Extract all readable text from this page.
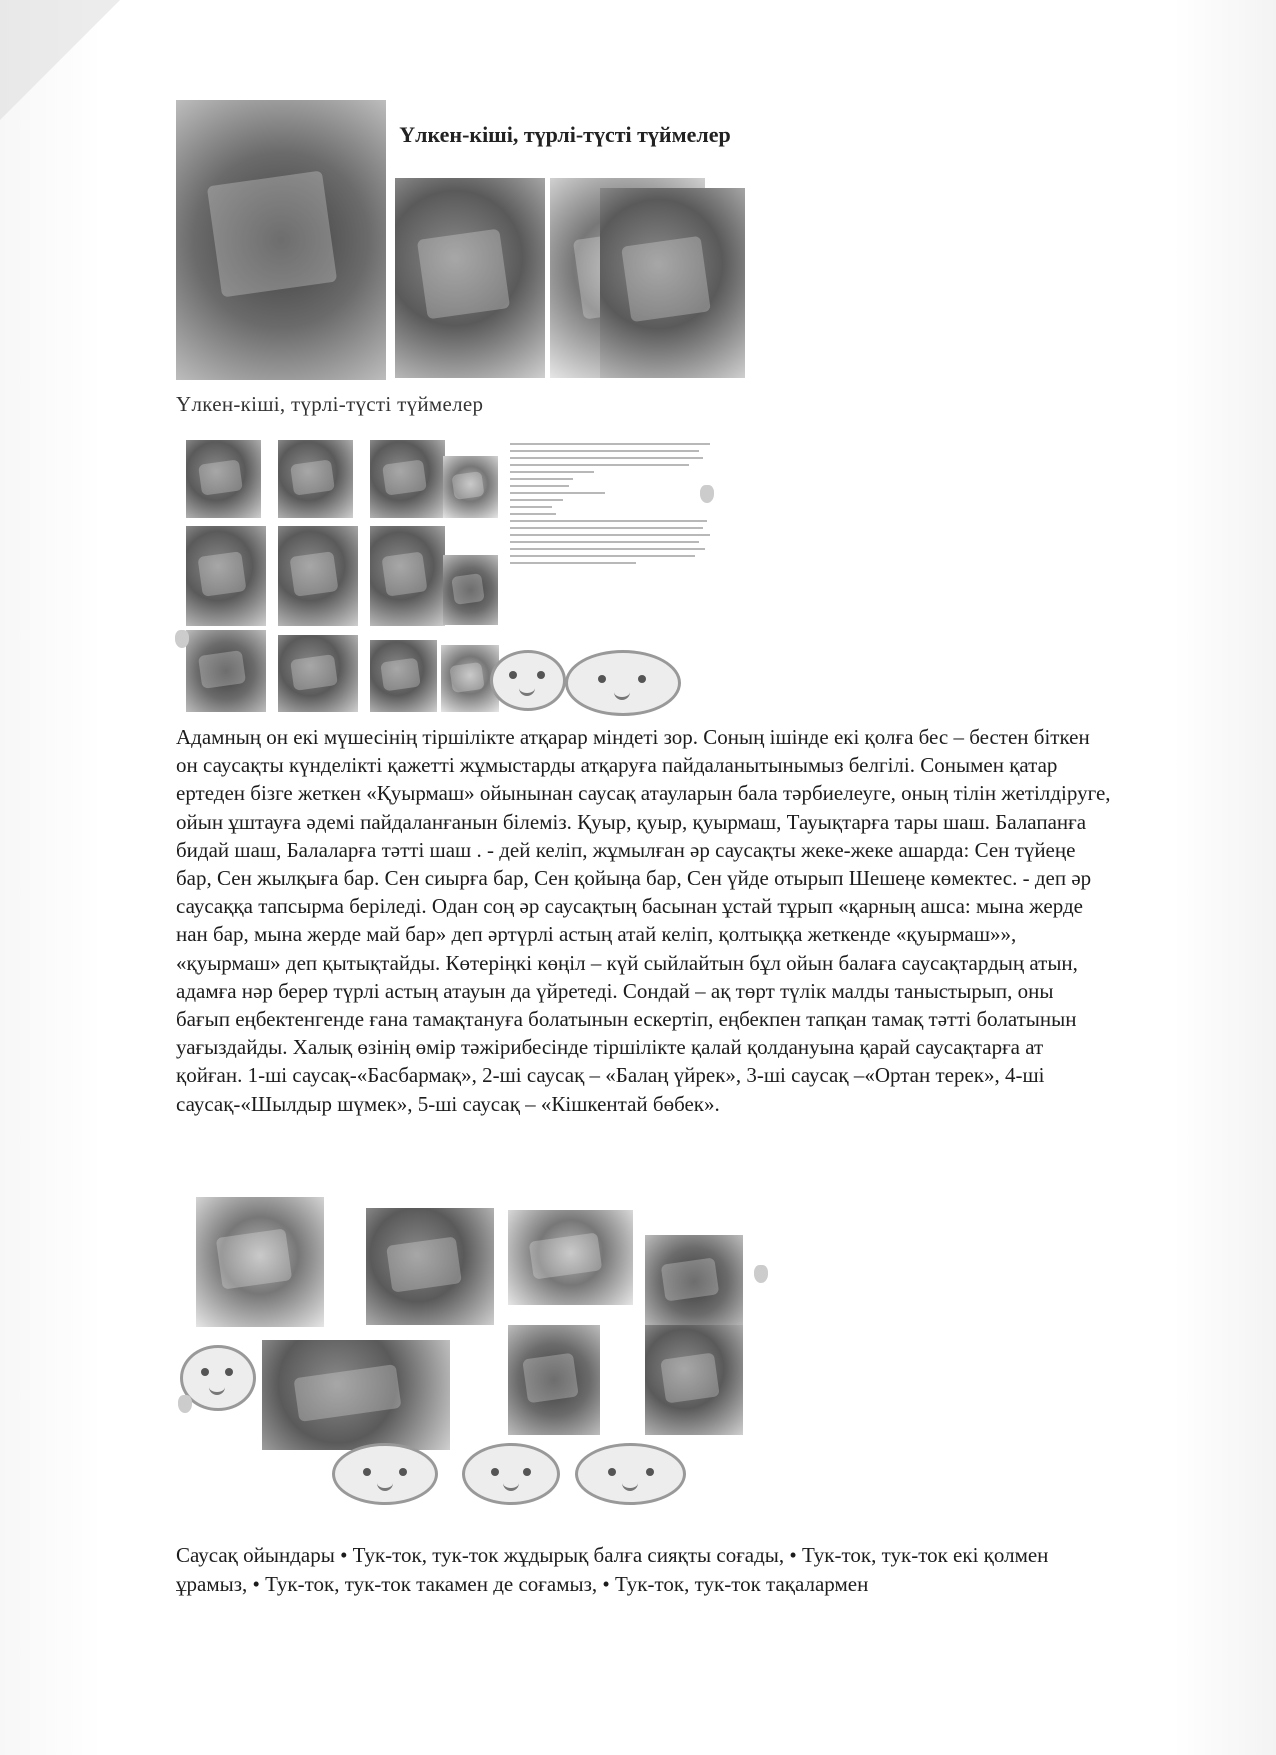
Үлкен-кіші, түрлі-түсті түймелер
Үлкен-кіші, түрлі-түсті түймелер
Адамның он екі мүшесінің тіршілікте атқарар міндеті зор. Соның ішінде екі қолға бес – бестен біткен он саусақты күнделікті қажетті жұмыстарды атқаруға пайдаланытынымыз белгілі. Сонымен қатар ертеден бізге жеткен «Қуырмаш» ойынынан саусақ атауларын бала тәрбиелеуге, оның тілін жетілдіруге, ойын ұштауға әдемі пайдаланғанын білеміз. Қуыр, қуыр, қуырмаш, Тауықтарға тары шаш. Балапанға бидай шаш, Балаларға тәтті шаш . - дей келіп, жұмылған әр саусақты жеке-жеке ашарда: Сен түйеңе бар, Сен жылқыға бар. Сен сиырға бар, Сен қойыңа бар, Сен үйде отырып Шешеңе көмектес. - деп әр саусаққа тапсырма беріледі. Одан соң әр саусақтың басынан ұстай тұрып «қарның ашса: мына жерде нан бар, мына жерде май бар» деп әртүрлі астың атай келіп, қолтыққа жеткенде «қуырмаш»», «қуырмаш» деп қытықтайды. Көтеріңкі көңіл – күй сыйлайтын бұл ойын балаға саусақтардың атын, адамға нәр берер түрлі астың атауын да үйретеді. Сондай – ақ төрт түлік малды таныстырып, оны бағып еңбектенгенде ғана тамақтануға болатынын ескертіп, еңбекпен тапқан тамақ тәтті болатынын уағыздайды. Халық өзінің өмір тәжірибесінде тіршілікте қалай қолдануына қарай саусақтарға ат қойған. 1-ші саусақ-«Басбармақ», 2-ші саусақ – «Балаң үйрек», 3-ші саусақ –«Ортан терек», 4-ші саусақ-«Шылдыр шүмек», 5-ші саусақ – «Кішкентай бөбек».
Саусақ ойындары • Тук-ток, тук-ток жұдырық балға сияқты соғады, • Тук-ток, тук-ток екі қолмен ұрамыз, • Тук-ток, тук-ток такамен де соғамыз, • Тук-ток, тук-ток тақалармен
